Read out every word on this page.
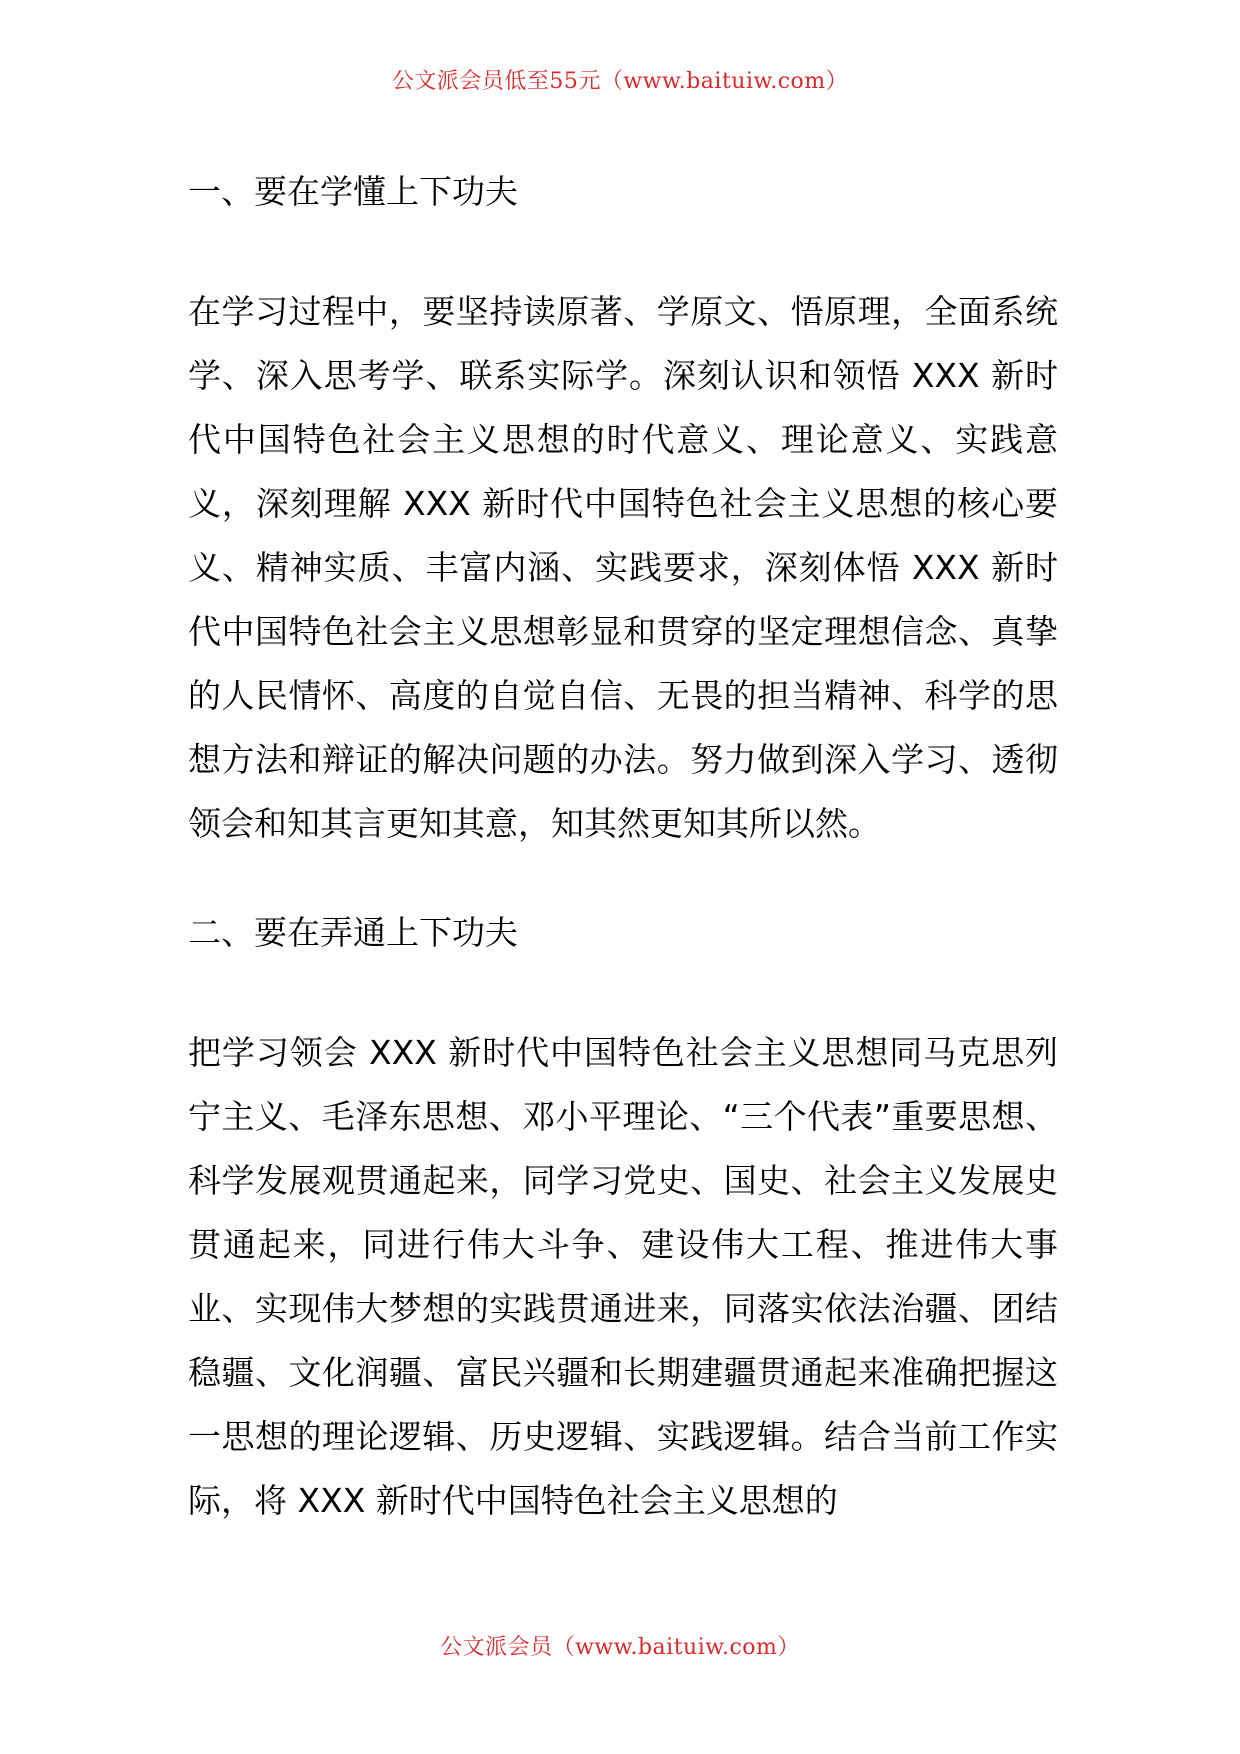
公文派会员低至55元（www.baituiw.com）

一、要在学懂上下功夫

在学习过程中，要坚持读原著、学原文、悟原理，全面系统学、深入思考学、联系实际学。深刻认识和领悟 XXX 新时代中国特色社会主义思想的时代意义、理论意义、实践意义，深刻理解 XXX 新时代中国特色社会主义思想的核心要义、精神实质、丰富内涵、实践要求，深刻体悟 XXX 新时代中国特色社会主义思想彰显和贯穿的坚定理想信念、真挚的人民情怀、高度的自觉自信、无畏的担当精神、科学的思想方法和辩证的解决问题的办法。努力做到深入学习、透彻领会和知其言更知其意，知其然更知其所以然。

二、要在弄通上下功夫

把学习领会 XXX 新时代中国特色社会主义思想同马克思列宁主义、毛泽东思想、邓小平理论、“三个代表”重要思想、科学发展观贯通起来，同学习党史、国史、社会主义发展史贯通起来，同进行伟大斗争、建设伟大工程、推进伟大事业、实现伟大梦想的实践贯通进来，同落实依法治疆、团结稳疆、文化润疆、富民兴疆和长期建疆贯通起来准确把握这一思想的理论逻辑、历史逻辑、实践逻辑。结合当前工作实际，将 XXX 新时代中国特色社会主义思想的

公文派会员（www.baituiw.com）
